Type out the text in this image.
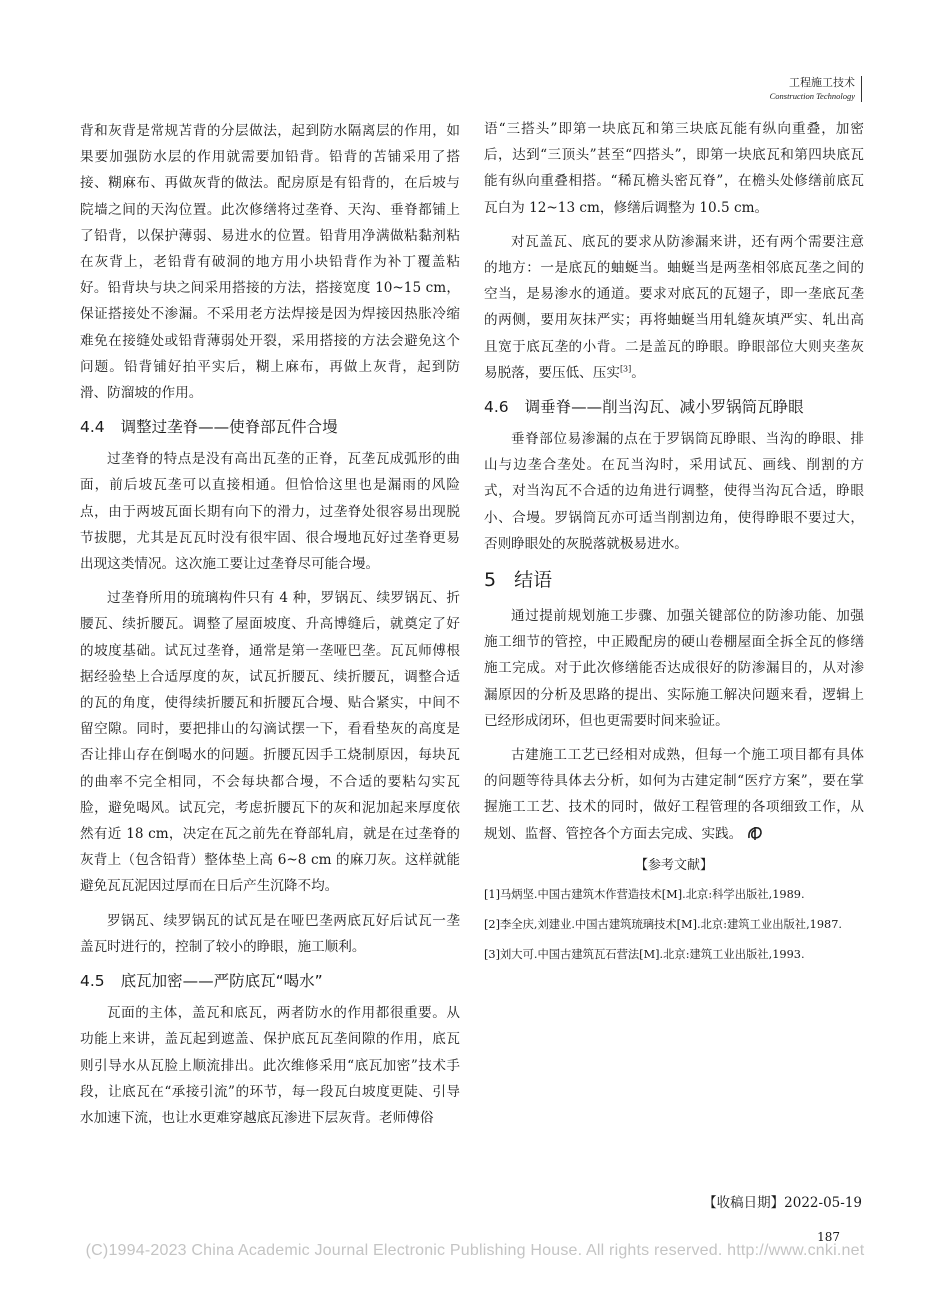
工程施工技术
Construction Technology

背和灰背是常规苫背的分层做法，起到防水隔离层的作用，如果要加强防水层的作用就需要加铅背。铅背的苫铺采用了搭接、糊麻布、再做灰背的做法。配房原是有铅背的，在后坡与院墙之间的天沟位置。此次修缮将过垄脊、天沟、垂脊都铺上了铅背，以保护薄弱、易进水的位置。铅背用净满做粘黏剂粘在灰背上，老铅背有破洞的地方用小块铅背作为补丁覆盖粘好。铅背块与块之间采用搭接的方法，搭接宽度 10~15 cm，保证搭接处不渗漏。不采用老方法焊接是因为焊接因热胀冷缩难免在接缝处或铅背薄弱处开裂，采用搭接的方法会避免这个问题。铅背铺好拍平实后，糊上麻布，再做上灰背，起到防滑、防溜坡的作用。

4.4 调整过垄脊——使脊部瓦件合墁

过垄脊的特点是没有高出瓦垄的正脊，瓦垄瓦成弧形的曲面，前后坡瓦垄可以直接相通。但恰恰这里也是漏雨的风险点，由于两坡瓦面长期有向下的滑力，过垄脊处很容易出现脱节拔腮，尤其是瓦瓦时没有很牢固、很合墁地瓦好过垄脊更易出现这类情况。这次施工要让过垄脊尽可能合墁。

过垄脊所用的琉璃构件只有 4 种，罗锅瓦、续罗锅瓦、折腰瓦、续折腰瓦。调整了屋面坡度、升高博缝后，就奠定了好的坡度基础。试瓦过垄脊，通常是第一垄哑巴垄。瓦瓦师傅根据经验垫上合适厚度的灰，试瓦折腰瓦、续折腰瓦，调整合适的瓦的角度，使得续折腰瓦和折腰瓦合墁、贴合紧实，中间不留空隙。同时，要把排山的勾滴试摆一下，看看垫灰的高度是否让排山存在倒喝水的问题。折腰瓦因手工烧制原因，每块瓦的曲率不完全相同，不会每块都合墁，不合适的要粘勾实瓦脸，避免喝风。试瓦完，考虑折腰瓦下的灰和泥加起来厚度依然有近 18 cm，决定在瓦之前先在脊部轧肩，就是在过垄脊的灰背上（包含铅背）整体垫上高 6~8 cm 的麻刀灰。这样就能避免瓦瓦泥因过厚而在日后产生沉降不均。

罗锅瓦、续罗锅瓦的试瓦是在哑巴垄两底瓦好后试瓦一垄盖瓦时进行的，控制了较小的睁眼，施工顺利。

4.5 底瓦加密——严防底瓦“喝水”

瓦面的主体，盖瓦和底瓦，两者防水的作用都很重要。从功能上来讲，盖瓦起到遮盖、保护底瓦瓦垄间隙的作用，底瓦则引导水从瓦脸上顺流排出。此次维修采用“底瓦加密”技术手段，让底瓦在“承接引流”的环节，每一段瓦白坡度更陡、引导水加速下流，也让水更难穿越底瓦渗进下层灰背。老师傅俗

语“三搭头”即第一块底瓦和第三块底瓦能有纵向重叠，加密后，达到“三顶头”甚至“四搭头”，即第一块底瓦和第四块底瓦能有纵向重叠相搭。“稀瓦檐头密瓦脊”，在檐头处修缮前底瓦瓦白为 12~13 cm，修缮后调整为 10.5 cm。

对瓦盖瓦、底瓦的要求从防渗漏来讲，还有两个需要注意的地方：一是底瓦的蚰蜒当。蚰蜒当是两垄相邻底瓦垄之间的空当，是易渗水的通道。要求对底瓦的瓦翅子，即一垄底瓦垄的两侧，要用灰抹严实；再将蚰蜒当用轧缝灰填严实、轧出高且宽于底瓦垄的小背。二是盖瓦的睁眼。睁眼部位大则夹垄灰易脱落，要压低、压实[3]。

4.6 调垂脊——削当沟瓦、减小罗锅筒瓦睁眼

垂脊部位易渗漏的点在于罗锅筒瓦睁眼、当沟的睁眼、排山与边垄合垄处。在瓦当沟时，采用试瓦、画线、削割的方式，对当沟瓦不合适的边角进行调整，使得当沟瓦合适，睁眼小、合墁。罗锅筒瓦亦可适当削割边角，使得睁眼不要过大，否则睁眼处的灰脱落就极易进水。

5 结语

通过提前规划施工步骤、加强关键部位的防渗功能、加强施工细节的管控，中正殿配房的硬山卷棚屋面全拆全瓦的修缮施工完成。对于此次修缮能否达成很好的防渗漏目的，从对渗漏原因的分析及思路的提出、实际施工解决问题来看，逻辑上已经形成闭环，但也更需要时间来验证。

古建施工工艺已经相对成熟，但每一个施工项目都有具体的问题等待具体去分析，如何为古建定制“医疗方案”，要在掌握施工工艺、技术的同时，做好工程管理的各项细致工作，从规划、监督、管控各个方面去完成、实践。

【参考文献】
[1]马炳坚.中国古建筑木作营造技术[M].北京:科学出版社,1989.
[2]李全庆,刘建业.中国古建筑琉璃技术[M].北京:建筑工业出版社,1987.
[3]刘大可.中国古建筑瓦石营法[M].北京:建筑工业出版社,1993.
【收稿日期】2022-05-19
187
(C)1994-2023 China Academic Journal Electronic Publishing House. All rights reserved. http://www.cnki.net
